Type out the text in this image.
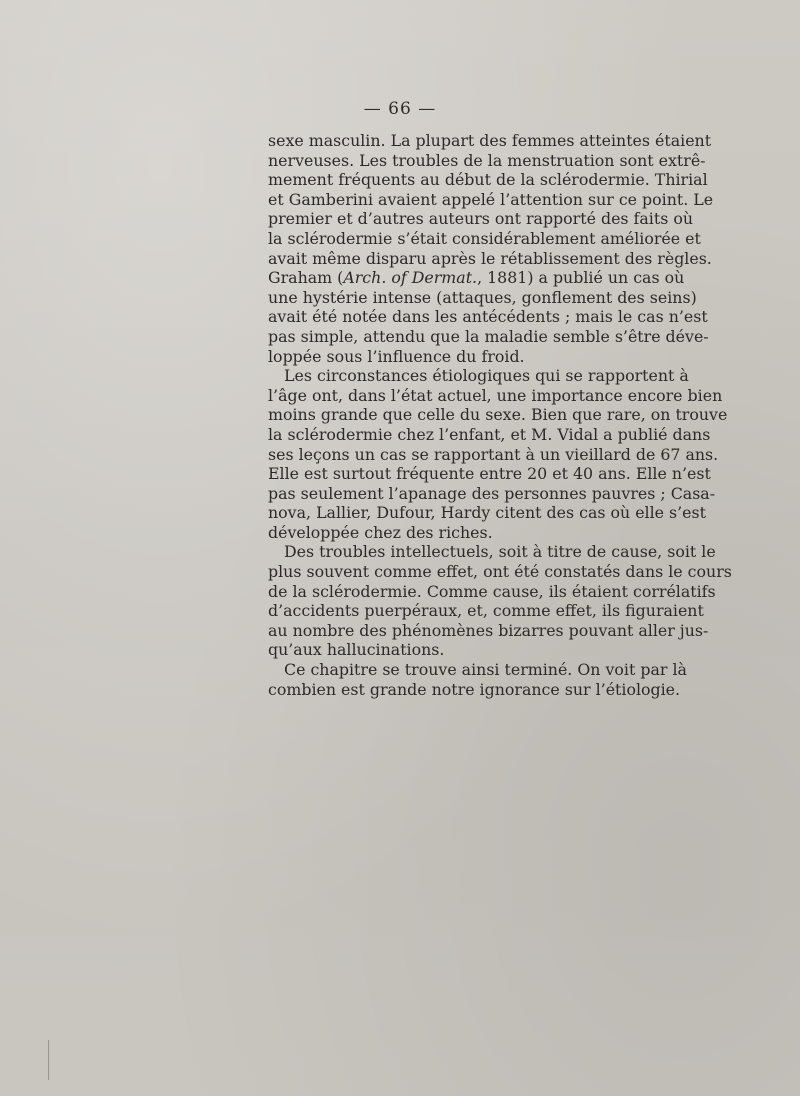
— 66 —
sexe masculin. La plupart des femmes atteintes étaient
nerveuses. Les troubles de la menstruation sont extrê-
mement fréquents au début de la sclérodermie. Thirial
et Gamberini avaient appelé l’attention sur ce point. Le
premier et d’autres auteurs ont rapporté des faits où
la sclérodermie s’était considérablement améliorée et
avait même disparu après le rétablissement des règles.
Graham (Arch. of Dermat., 1881) a publié un cas où
une hystérie intense (attaques, gonflement des seins)
avait été notée dans les antécédents ; mais le cas n’est
pas simple, attendu que la maladie semble s’être déve-
loppée sous l’influence du froid.
Les circonstances étiologiques qui se rapportent à
l’âge ont, dans l’état actuel, une importance encore bien
moins grande que celle du sexe. Bien que rare, on trouve
la sclérodermie chez l’enfant, et M. Vidal a publié dans
ses leçons un cas se rapportant à un vieillard de 67 ans.
Elle est surtout fréquente entre 20 et 40 ans. Elle n’est
pas seulement l’apanage des personnes pauvres ; Casa-
nova, Lallier, Dufour, Hardy citent des cas où elle s’est
développée chez des riches.
Des troubles intellectuels, soit à titre de cause, soit le
plus souvent comme effet, ont été constatés dans le cours
de la sclérodermie. Comme cause, ils étaient corrélatifs
d’accidents puerpéraux, et, comme effet, ils figuraient
au nombre des phénomènes bizarres pouvant aller jus-
qu’aux hallucinations.
Ce chapitre se trouve ainsi terminé. On voit par là
combien est grande notre ignorance sur l’étiologie.
